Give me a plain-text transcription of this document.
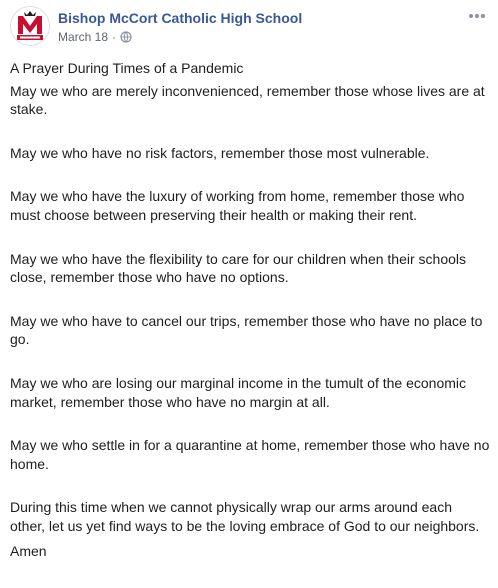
Bishop McCort Catholic High School
March 18 ·

A Prayer During Times of a Pandemic

May we who are merely inconvenienced, remember those whose lives are at stake.

May we who have no risk factors, remember those most vulnerable.

May we who have the luxury of working from home, remember those who must choose between preserving their health or making their rent.

May we who have the flexibility to care for our children when their schools close, remember those who have no options.

May we who have to cancel our trips, remember those who have no place to go.

May we who are losing our marginal income in the tumult of the economic market, remember those who have no margin at all.

May we who settle in for a quarantine at home, remember those who have no home.

During this time when we cannot physically wrap our arms around each other, let us yet find ways to be the loving embrace of God to our neighbors.

Amen
